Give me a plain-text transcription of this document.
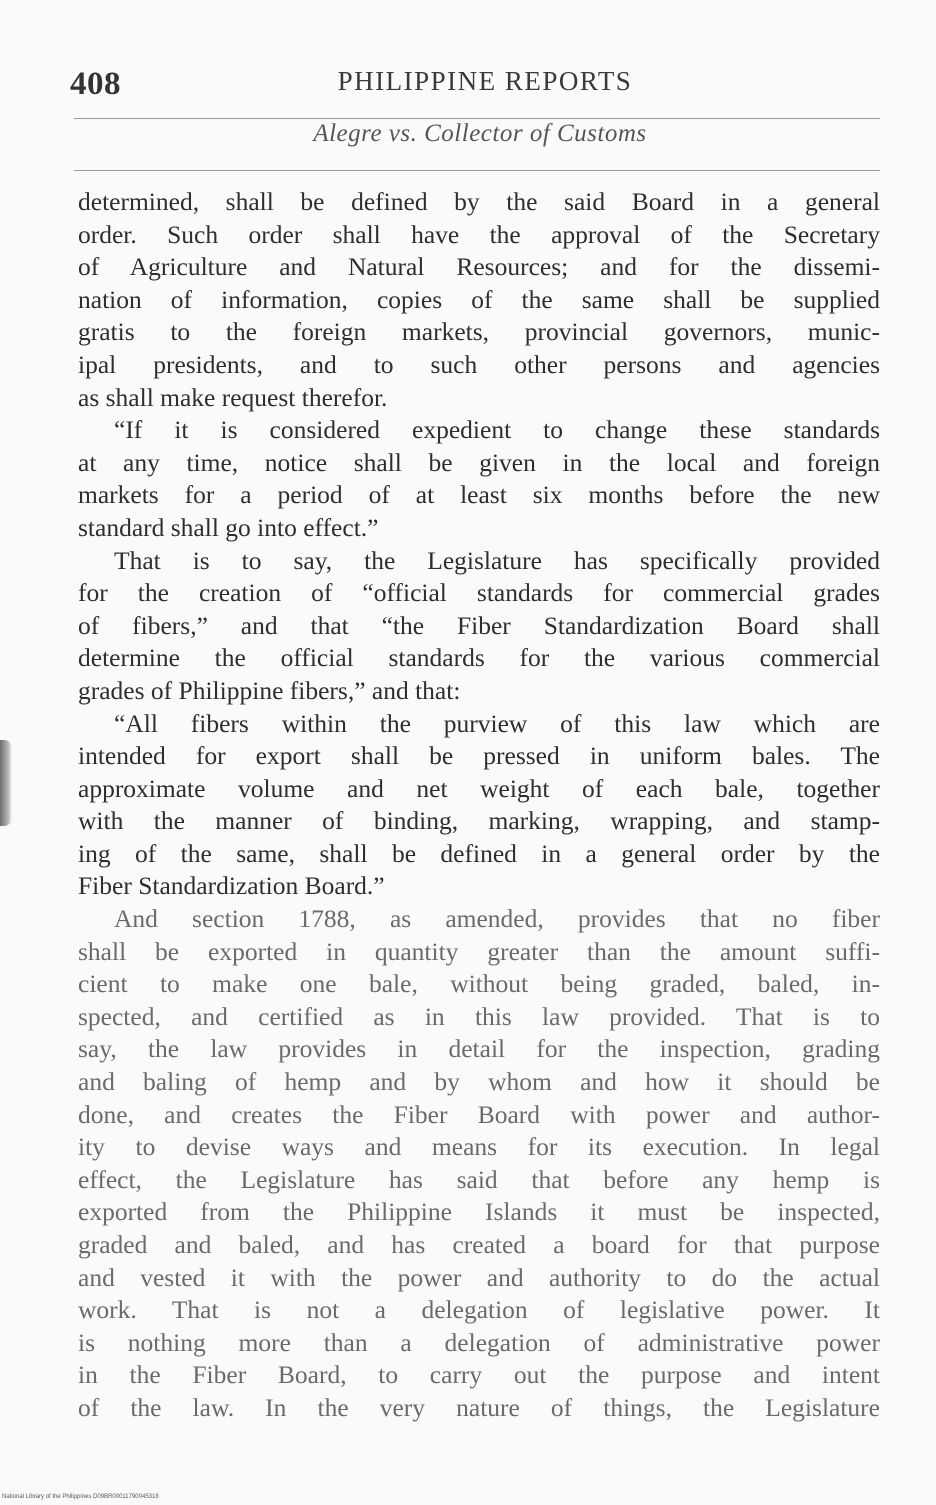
408	PHILIPPINE REPORTS
Alegre vs. Collector of Customs
determined, shall be defined by the said Board in a general
order. Such order shall have the approval of the Secretary
of Agriculture and Natural Resources; and for the dissemi-
nation of information, copies of the same shall be supplied
gratis to the foreign markets, provincial governors, munic-
ipal presidents, and to such other persons and agencies
as shall make request therefor.
“If it is considered expedient to change these standards
at any time, notice shall be given in the local and foreign
markets for a period of at least six months before the new
standard shall go into effect.”
That is to say, the Legislature has specifically provided
for the creation of “official standards for commercial grades
of fibers,” and that “the Fiber Standardization Board shall
determine the official standards for the various commercial
grades of Philippine fibers,” and that:
“All fibers within the purview of this law which are
intended for export shall be pressed in uniform bales. The
approximate volume and net weight of each bale, together
with the manner of binding, marking, wrapping, and stamp-
ing of the same, shall be defined in a general order by the
Fiber Standardization Board.”
And section 1788, as amended, provides that no fiber
shall be exported in quantity greater than the amount suffi-
cient to make one bale, without being graded, baled, in-
spected, and certified as in this law provided. That is to
say, the law provides in detail for the inspection, grading
and baling of hemp and by whom and how it should be
done, and creates the Fiber Board with power and author-
ity to devise ways and means for its execution. In legal
effect, the Legislature has said that before any hemp is
exported from the Philippine Islands it must be inspected,
graded and baled, and has created a board for that purpose
and vested it with the power and authority to do the actual
work. That is not a delegation of legislative power. It
is nothing more than a delegation of administrative power
in the Fiber Board, to carry out the purpose and intent
of the law. In the very nature of things, the Legislature
National Library of the Philippines D09BR00011790045318
